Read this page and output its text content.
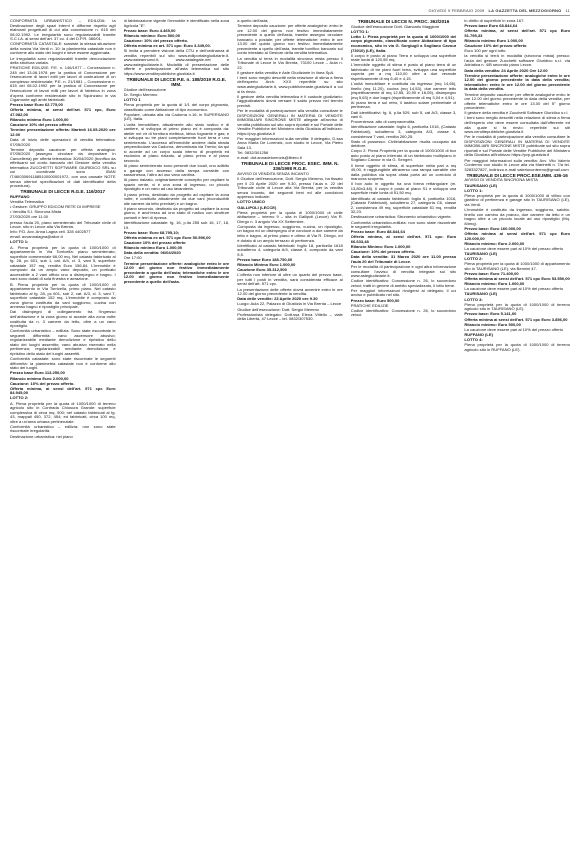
GIOVEDÌ 9 FEBBRAIO 2009 LA GAZZETTA DEL MEZZOGIORNO 11

CONFORMITÀ URBANISTICO – EDILIZIA: la Destinazione degli spazi interni è difforme rispetto agli elaborati progettuali di cui alla concessione n. 615 del 08.02.1992. Le irregolarità sono regolarizzabili tramite S.C.I.A. ai sensi dell'art. 37 co. 4 del D.P.R. 380/01.

CONFORMITÀ CATASTALE: sussiste la stessa situazione della nostra Via Verdi n. 10: la planimetria catastale non è conforme allo stato dei luoghi e deve essere aggiornata.

Le irregolarità sono regolarizzabili tramite denunciazione della struttura variata.

PRATICHE EDILIZIE: P.E. n. 146/1977 – Concessione n. 245 del 13.06.1978 per la pratica di Concessione per l'esecuzione di lavori edili per lavori di costruzione di un complesso residenziale; P.E. n. 21/1981 – Concessione n. 615 del 08.02.1992 per la pratica di Concessione per l'esecuzione di lavori edili per lavori di fabbrica in zona d'opera conforme residenziale sito in Squinzano in via Cigamonte agli ambi fabbricati.

Prezzo base Euro 62.775,00

Offerta minima, ai sensi dell'art. 571 cpc, Euro 47.082,00

Rilancio minimo Euro 1.000,00

Cauzione 10% del prezzo offerto

Termine presentazione offerta: Martedì 16.05.2020 ore 12.00

Data di inizio delle operazioni di vendita telematica: 07/05/2020

Termine deposito cauzione: per offerta analogica: 07/05/2020 (assegno circolare da depositare in Cancelleria) per offerta telematica: 30/04/2020 (bonifico da effettuarsi sul conto bancario del Gestore della vendita telematica ZUCCHETTI SOFTWARE GIURIDICO SRL su cui coordinate sono IBAN IT46I0306911885100000001972, con una causale NOTE senza ulteriori specificazioni di dati identificativi della procedura).

TRIBUNALE DI LECCE R.G.E. 116/2017

RUFFANO

Vendita Telematica

• Gestore: GRUPPO EDICOM RETE DI IMPRESE

• Vendita S.I. Sincrona Mista

27/03/2020 ore 11.00

presso l'aula 20, piano seminterrato del Tribunale civile di Lecce, sito in Lecce alla Via Brenta.

Info: P.D. Avv. Anna Lagna cell. 328 4402577

email: avvannalagna@alice.it

LOTTO 1:

A. Piena proprietà per la quota di 1000/1000 di appartamento in Via Torricella: piano seminterrato; superficie commerciale 66,00 mq. Nel catasto fabbricato al fg. 28, pc 601, sub 1, cat. A/4, cl. 3, vani 5, superficie catastale 157 mq, rendita Euro 156,84. L'immobile è composto da un ampio vano deposito, un porticato accessibile a 2 vani ufficio uno a disimpegno e bagno. I vani sono dotati di sola finestra e aerazione.

B. Piena proprietà per la quota di 1000/1000 di appartamento in Via Torricella, primo piano. Nel catasto fabbricato al fg. 28, pc 601, sub 2, cat. A/3, cl. 3, vani 7, superficie catastale 152 mq. L'immobile è composto da zona giorno costituita da vani soggiorno, cucina con annesso bagno e ripostiglio principale.

Dai disimpegni di collegamento tra l'ingresso dell'abitazione e la zona giorno si accede alla zona notte costituita da n. 3 camere da letto, oltre a un vano ripostiglio.

Conformità urbanistico – edilizia: Sono state riscontrate le seguenti difformità: vano ascensore abusivo; regolarizzabile mediante demolizione e ripristino dello stato dei luoghi assentito; vano abusivo riservato nella pertinenza; regolarizzabili mediante demolizione e ripristino dello stato dei luoghi assentiti.

Conformità catastale: sono state riscontrate le seguenti difformità: la planimetria catastale non è conforme allo stato dei luoghi.

Prezzo base Euro 113.250,00

Rilancio minimo Euro 2.000,00

Cauzione: 10% del prezzo offerto.

Offerta minima, ai sensi dell'art. 571 cpc Euro 84.945,00

LOTTO 2:

A. Piena proprietà per la quota di 1000/1000 di terreno agricolo sito in Contrada Chiusura Grande: superficie complessiva di circa mq. 900; nel catasto fabbricati al fg. 43, mappali 450, 372, 454; ed fabbricati, circa 100 mq, oltre a un'area urbana pertinenziale.

Conformità urbanistico – edilizia: non sono state riscontrate irregolarità.

Destinazione urbanistica: nel piano

di fabbricazione vigente l'immobile è identificato nella zona Agricola "E".

Prezzo base: Euro 4.465,00

Rilancio minimo: Euro 500,00

Cauzione: 10% del prezzo offerto.

Offerta minima ex art. 571 cpc: Euro 3.349,00.

Si invita a prendere visione della CTU e dell'ordinanza di vendita reperibili sul sito www.edilportalegiudiziarie.it, www.asteannunci.it, www.astalegale.net e www.astegiudiziarie.it. Modalità di presentazione delle offerte e partecipazione all'asta telematica sul sito https://www.venditepubbliche.giustizia.it

TRIBUNALE DI LECCE P.E. n. 188/2019 R.G.E. IMM.

Giudice dell'esecuzione

Dr. Sergio Memmo

LOTTO 1

Piena proprietà per la quota di 1/1 del corpo pignorato, classificato come Abitazione di tipo economico.

Popolare, ubicata alla via Cadorna n.16, in SUPERSANO (LE), Italia.

L'unità immobiliare, attualmente allo stato rustico e di cantiere, si sviluppa al primo piano ed è composta da: atelier nel vir di fornitura elettrica, idrica fognante e gas; e si sviluppa su tre piani completamente fuori terra e uno seminterrato. L'accesso all'immobile avviene dalla strada perpendicolare via Cadorna, denominata via Trento; da qui si accede ad un corpo scala interno di proprietà ed esclusivo al piano rialzato, al piano primo e al piano secondo.

Al piano seminterrato sono presenti due locali, uno adibito a garage con accesso dalla rampa carrabile con saracinesca, l'altro ad uso vano cantina.

Al piano rialzato, originariamente concepito per ospitare lo spazio verde, vi è una zona di ingresso, un piccolo ripostiglio e un vano ad uso lavanderia.

Il piano primo, destinato da progetto ad ospitare la zona notte, è costituito attualmente da due vani (riconducibili alle camere da letto previste) e un bagno.

Il piano secondo, destinato da progetto ad ospitare la zona giorno, è anch'esso ad uno stato di rustico con strutture portanti e ferri di ripresa.

Identificazione catastale: fg. 16, p.lla 255 sub 16, 17, 18, 19.

Prezzo base: Euro 68.795,10;

Offerta minima ex art. 571 cpc Euro 50.596,00

Cauzione 10% del prezzo offerto

Rilancio minimo Euro 1.000,00

Data della vendita: 06/04/2020

Ore 17:00

Termine presentazione offerte: analogiche entro le ore 12.00 del giorno non festivo immediatamente precedente a quello dell'asta; telematiche entro le ore 12.00 del giorno non festivo immediatamente precedente a quello dell'asta.

a quello dell'asta;

Termine deposito cauzione: per offerte analogiche: entro le ore 12.00 del giorno non festivo immediatamente precedente a quello dell'asta, tramite assegno circolare bancario o postale; per offerte telematiche: entro le ore 13.00 del quinto giorno non festivo immediatamente precedente a quello dell'asta, tramite bonifico bancario sul conto intestato al Gestore della vendita telematica.

La vendita si terrà in modalità sincrona mista presso il Tribunale di Lecce in Via Brenta, 73100 Lecce – Aula n. 22.

Il gestore della vendita è Aste Giudiziarie In linea SpA.

I beni sono meglio descritti nella relazione di stima a firma dell'esperto Arch. XXX reperibile su sito www.astegiudiziarie.it, www.pubblicheaste.giustizia.it a cui si fa rinvio.

Il gestore della vendita telematica è il custode giudiziario: l'aggiudicatario dovrà versare il saldo prezzo nei termini previsti.

Per le modalità di partecipazione alla vendita consultare le DISPOSIZIONI GENERALI IN MATERIA DI VENDITE IMMOBILIARI SINCRONE MISTE allegate all'avviso di vendita pubblicato sul sito sopra riportati e sul Portale delle Vendite Pubbliche del Ministero della Giustizia all'indirizzo: https://pvp.giustizia.it

Per maggiori informazioni sulla vendita: Il delegato, D.ssa Anna Maria De Lorenzis, con studio in Lecce, Via Pietro Sala 13.

Tel. 0832/301256

e-mail: dot.annadelorenzis@libero.it

TRIBUNALE DI LECCE PROC. ESEC. IMM. N. 336/1998 R.G.E.

AVVISO DI VENDITA SENZA INCANTO

Il Giudice dell'esecuzione, Dott. Sergio Memmo, ha fissato per il 23 Aprile 2020 ore 9.30, presso l'aula n. 22 del Tribunale civile di Lecce alla Via Brenta, per la vendita senza incanto, dei seguenti beni ed alle condizioni appresso indicate:

LOTTO UNICO

GALLIPOLI (LECCE)

Piena proprietà per la quota di 1000/1000 di civile abitazione – interno 9 – sita in Gallipoli (Lecce) Via R. Dinrgo n. 3 angolo Via XX Settembre.

Composta da ingresso, soggiorno, cucina, un ripostiglio, un bagno ed un disimpegno che conduce a due camere da letto e bagno, al primo piano e ultimo di Via R. Dinrgo, ed è dotato di un ampio terrazzo di pertinenza.

Identificato al catasto fabbricati: foglio 18, particella 1618 subalterno 4, categoria A/4, classe 4, composto da vani 5,5.

Prezzo base Euro 188.750,00

Rilancio Minimo Euro 1.000,00

Cauzione Euro 35.312,500

L'offerta non inferiore di oltre un quarto del prezzo base, per tutti i posti in vendita, sarà considerata efficace ai sensi dell'art. 571 cpc.

La presentazione delle offerte dovrà avvenire entro le ore 12.00 del giorno precedente la vendita.

Data delle vendite: 23 Aprile 2020 ore 9.30

Luogo: Aula 22, Palazzo di Giustizia in Via Brenta – Lecce

Giudice dell'esecuzione: Dott. Sergio Memmo

Professionista delegato: Dott.ssa Elena Vitiello – viale della Libertà, 47 Lecce – tel. 0832/307530.

TRIBUNALE DI LECCE N. PROC. 362/2016

Giudice dell'esecuzione Dott. Giancarlo Maggiore

LOTTO 1:

Lotto 1: Piena proprietà per la quota di 1000/1000 del corpo pignorato, classificato come Abitazione di tipo economico, sito in via G. Sorgiugli a Sogliano Cavour (73010) (LE), Italia.

Il corpo è posto al piano Terra e sviluppa una superficie reale lorda di 120,55 mq.

L'immobile oggetto di stima è posto al piano terra di un fabbricato di tre piani fuori terra, sviluppa una superficie coperta per a mq 110,00 oltre a due verande rispettivamente di mq 6,40 e 4,15.

L'unità immobiliare è costituita da ingresso (mq 14,66), tinello (mq 11,20), cucina (mq 14,53), due camere letto (rispettivamente di mq 12,55, 10,90 e 16,05), disimpegno (mq 5,63) e due bagni (rispettivamente di mq 3,04 e 4,51).

Al piano terra e sul retro, il lastrico solare perimetrale di pertinenza.

Dati identificativi: fg. 6, p.lla 529, sub 5, cat A/3, classe 3, vani 6.

Provenienza: atto di compravendita.

Identificazione catastale: foglio 6, particella 1016, (Catasto Fabbricati), subalterno 3, categoria A/3, classe 4, consistenza 7 vani, rendita 260,25.

Stato di possesso: Civile/abitazione risulta occupato dal debitore.

Corpo 2: Piena Proprietà per la quota di 1000/1000 di box auto posto al piano interrato di un fabbricato multipiano in Sogliano Cavour in via G. Sengeri.

Il bene oggetto di stima, di superficie netta pari a mq 49,00, è raggiungibile attraverso una rampa carrabile che dalla pubblica via sopra citata porta ad un corridoio di manovra scoperto.

Il box auto in oggetto ha una forma rettangolare (m. 13,80x3,48). Il corpo è posto al piano S1 e sviluppa una superficie reale lorda di 51,50 mq.

Identificato al catasto fabbricati: foglio 6, particella 1016, (Catasto Fabbricati), subalterno 27, categoria C6, classe 2, consistenza 49 mq, superficie catastale 51 mq, rendita 32,23.

Destinazione urbanistica: Strumento urbanistico vigente.

Conformità urbanistico-edilizia: non sono state riscontrate le seguenti irregolarità.

Prezzo base: Euro 88.844,64

Offerta minima, ai sensi dell'art. 571 cpc: Euro 66.633,48

Rilancio Minimo: Euro 1.000,00

Cauzione: 10% del prezzo offerto.

Data della vendita: 31 Marzo 2020 ore 11.00 presso l'aula 20 del Tribunale di Lecce.

Per le modalità di partecipazione e ogni altra informazione consultare l'avviso di vendita integrale sul sito www.astegiudiziarie.it.

Codice identificativo: Concessione n. 26, lo succedono veloci; tratti in genere di ambito specializzato, il lotto bene.

Per maggiori informazioni rivolgersi al delegato, il cui avviso e pubblicato nel sito.

Prezzo base: Euro 500,00

PRATICHE EDILIZIE

Codice identificativo: Concessione n. 26, lo succedono veloci.

in diritto di superficie in zona 167.

Prezzo base Euro 68.844,64

Offerta minima, ai sensi dell'art. 571 cpc Euro 51.795,33

Rilancio minimo Euro 1.000,00

Cauzione 10% del prezzo offerto

Euro 100 per ogni lotto.

la vendita si terrà in modalità (sincrona mista) presso: l'aula del gestore Zucchetti software Giuridico s.r.l. via Adriatica n. 4/B secondo piano Lecce.

Data della vendita: 24 Aprile 2020 Ore 12.00

Termine presentazione offerte: analogiche entro le ore 12.00 del giorno precedente la data della vendita; telematiche: entro le ore 12.00 del giorno precedente la data della vendita.

Termine deposito cauzione: per offerte analogiche entro le ore 12.00 del giorno precedente la data della vendita; per offerte telematiche entro le ore 13.00 del 5° giorno precedente.

Il gestore della vendita è Zucchetti Software Giuridico s.r.l.

I beni sono meglio descritti nella relazione di stima a firma dell'esperto che deve essere consultata dall'offerente ed alla quale si fa rinvio: reperibile sui siti www.venditepubbliche.giustizia.it

Per le modalità di partecipazione alla vendita consultare le DISPOSIZIONI GENERALI IN MATERIA DI VENDITE IMMOBILIARI SINCRONE MISTE pubblicate sul sito sopra riportati e sul Portale delle Vendite Pubbliche del Ministero della Giustizia all'indirizzo https://pvp.giustizia.it

Per maggiori informazioni sulla vendita: Avv. Vito Valerio Contermo con studio in Lecce alla via Marinetti n. 7/a tel. 3283327827, indirizzo e-mail valeriocontermo@gmail.com

TRIBUNALE DI LECCE PROC.ESE.IMM. 436-16

AVVISO DI VENDITA SINCRONA MISTA

TAURISANO (LE)

LOTTO 1:

Piena proprietà per la quota di 1000/1000 di villino con giardino di pertinenza e garage sito in TAURISANO (LE), via Verdi.

L'immobile è costituito da ingresso, soggiorno, salotto, tinello con camino da pranzo, due camere da letto e un bagno oltre a un piccolo locale ad uso ripostiglio (Mq. 84mq).

Prezzo base: Euro 160.000,00

Offerta minima ai sensi dell'art. 571 cpc Euro 120.000,00

Rilancio minimo: Euro 2.000,00

La cauzione deve essere pari al 10% del prezzo offerto

TAURISANO (LE)

LOTTO 2:

Piena proprietà per la quota di 1000/1000 di appartamento sito in TAURISANO (LE), via Bennini 47.

Prezzo base: Euro 71.400,00

Offerta minima ai sensi dell'art. 571 cpc Euro 53.550,00

Rilancio minimo: Euro 1.000,00

La cauzione deve essere pari al 10% del prezzo offerto

TAURISANO (LE)

LOTTO 3:

Piena proprietà per la quota di 1000/1000 di terreno agricolo sito in TAURISANO (LE).

Prezzo base: Euro 5.141,00

Offerta minima ai sensi dell'art. 571 cpc Euro 3.856,00

Rilancio minimo: Euro 500,00

La cauzione deve essere pari al 10% del prezzo offerto

RUFFANO (LE)

LOTTO 4:

Piena proprietà per la quota di 1000/1000 di terreno agricolo sito in RUFFANO (LE).
